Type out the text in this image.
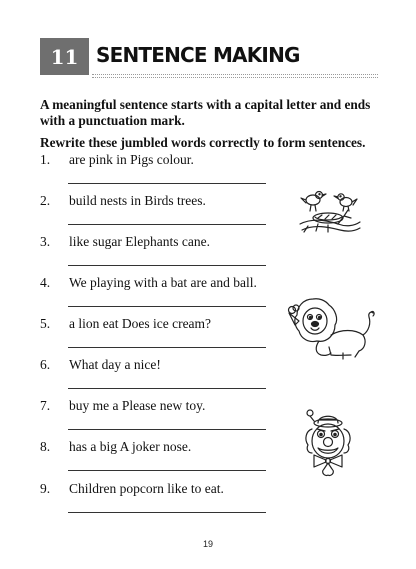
11 SENTENCE MAKING
A meaningful sentence starts with a capital letter and ends with a punctuation mark.
Rewrite these jumbled words correctly to form sentences.
1. are pink in Pigs colour.
2. build nests in Birds trees.
3. like sugar Elephants cane.
4. We playing with a bat are and ball.
5. a lion eat Does ice cream?
6. What day a nice!
7. buy me a Please new toy.
8. has a big A joker nose.
9. Children popcorn like to eat.
19
